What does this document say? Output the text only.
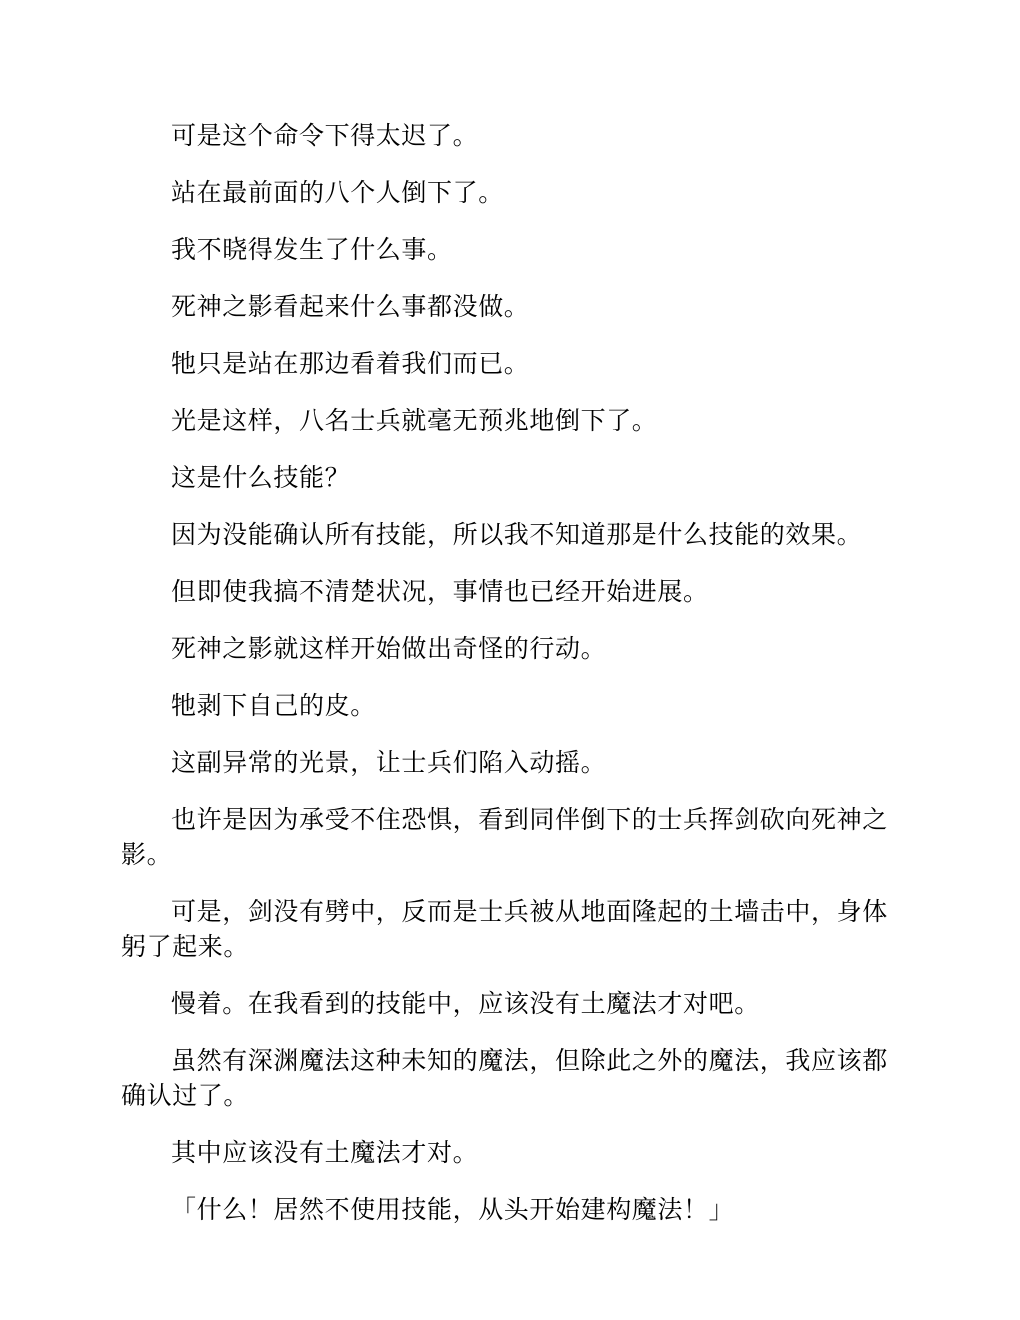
可是这个命令下得太迟了。

站在最前面的八个人倒下了。

我不晓得发生了什么事。

死神之影看起来什么事都没做。

牠只是站在那边看着我们而已。

光是这样，八名士兵就毫无预兆地倒下了。

这是什么技能？

因为没能确认所有技能，所以我不知道那是什么技能的效果。

但即使我搞不清楚状况，事情也已经开始进展。

死神之影就这样开始做出奇怪的行动。

牠剥下自己的皮。

这副异常的光景，让士兵们陷入动摇。

也许是因为承受不住恐惧，看到同伴倒下的士兵挥剑砍向死神之影。

可是，剑没有劈中，反而是士兵被从地面隆起的土墙击中，身体躬了起来。

慢着。在我看到的技能中，应该没有土魔法才对吧。

虽然有深渊魔法这种未知的魔法，但除此之外的魔法，我应该都确认过了。

其中应该没有土魔法才对。

「什么！居然不使用技能，从头开始建构魔法！」
